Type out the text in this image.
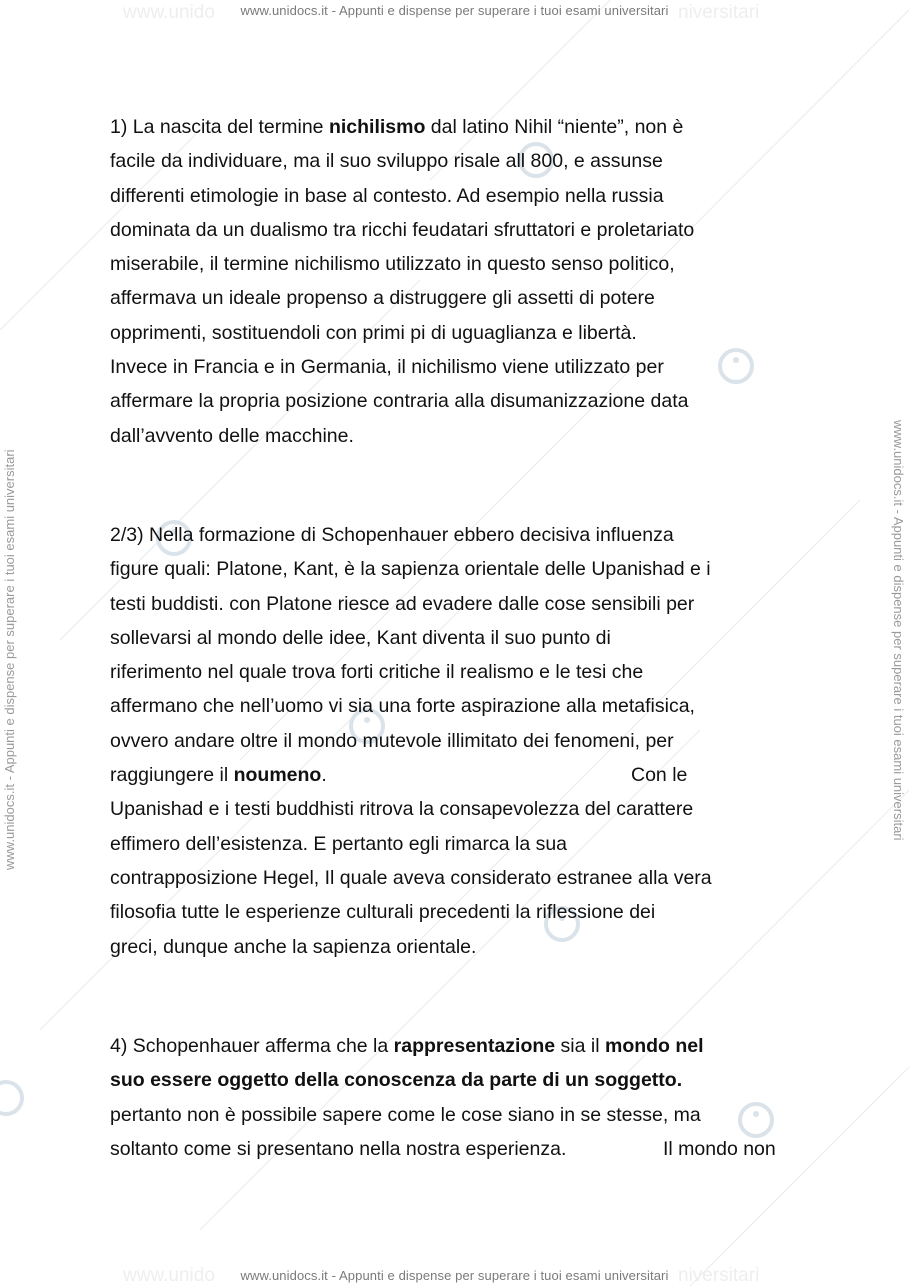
www.unido	niversitari
www.unido	niversitari
www.unidocs.it - Appunti e dispense per superare i tuoi esami universitari
www.unidocs.it - Appunti e dispense per superare i tuoi esami universitari
www.unidocs.it - Appunti e dispense per superare i tuoi esami universitari	www.unidocs.it - Appunti e dispense per superare i tuoi esami universitari
1) La nascita del termine nichilismo dal latino Nihil “niente”, non è
facile da individuare, ma il suo sviluppo risale all 800, e assunse
differenti etimologie in base al contesto. Ad esempio nella russia
dominata da un dualismo tra ricchi feudatari sfruttatori e proletariato
miserabile, il termine nichilismo utilizzato in questo senso politico,
affermava un ideale propenso a distruggere gli assetti di potere
opprimenti, sostituendoli con primi pi di uguaglianza e libertà.
Invece in Francia e in Germania, il nichilismo viene utilizzato per
affermare la propria posizione contraria alla disumanizzazione data
dall’avvento delle macchine.
2/3) Nella formazione di Schopenhauer ebbero decisiva influenza
figure quali: Platone, Kant, è la sapienza orientale delle Upanishad e i
testi buddisti. con Platone riesce ad evadere dalle cose sensibili per
sollevarsi al mondo delle idee, Kant diventa il suo punto di
riferimento nel quale trova forti critiche il realismo e le tesi che
affermano che nell’uomo vi sia una forte aspirazione alla metafisica,
ovvero andare oltre il mondo mutevole illimitato dei fenomeni, per
raggiungere il noumeno.	Con le
Upanishad e i testi buddhisti ritrova la consapevolezza del carattere
effimero dell’esistenza. E pertanto egli rimarca la sua
contrapposizione Hegel, Il quale aveva considerato estranee alla vera
filosofia tutte le esperienze culturali precedenti la riflessione dei
greci, dunque anche la sapienza orientale.
4) Schopenhauer afferma che la rappresentazione sia il mondo nel
suo essere oggetto della conoscenza da parte di un soggetto.
pertanto non è possibile sapere come le cose siano in se stesse, ma
soltanto come si presentano nella nostra esperienza.	Il mondo non
